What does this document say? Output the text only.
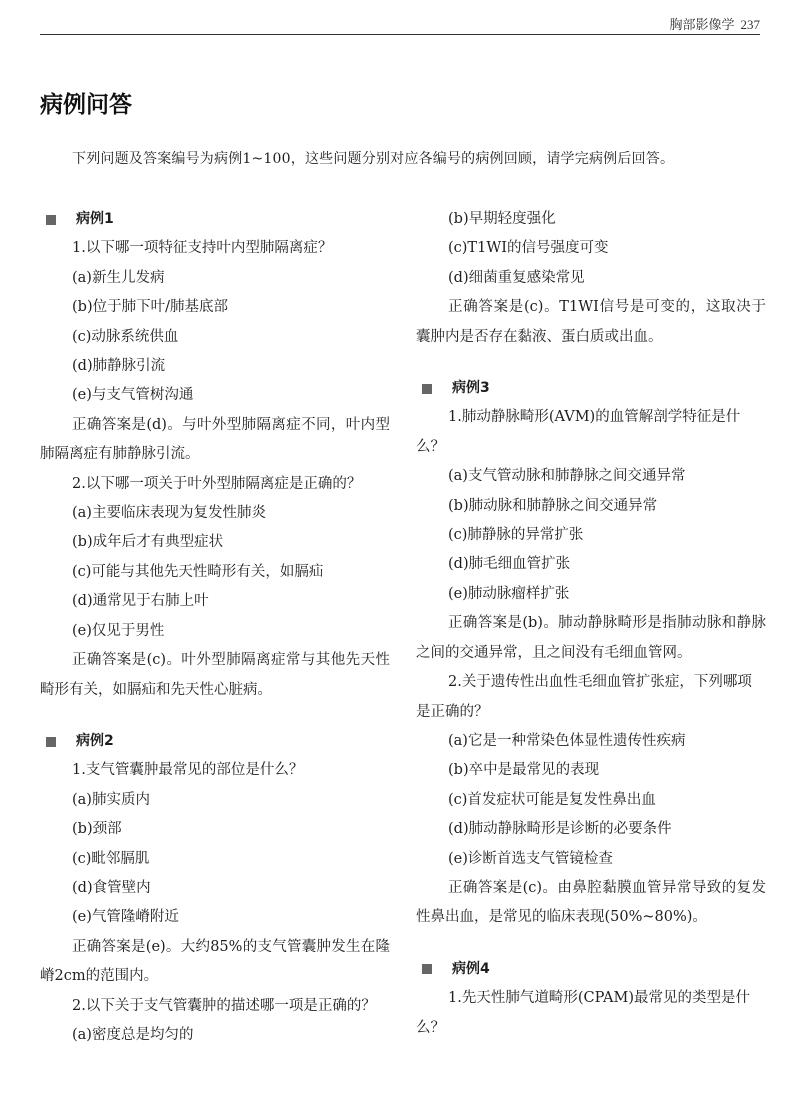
胸部影像学 237
病例问答
下列问题及答案编号为病例1~100，这些问题分别对应各编号的病例回顾，请学完病例后回答。
病例1

1.以下哪一项特征支持叶内型肺隔离症？

(a)新生儿发病

(b)位于肺下叶/肺基底部

(c)动脉系统供血

(d)肺静脉引流

(e)与支气管树沟通

正确答案是(d)。与叶外型肺隔离症不同，叶内型肺隔离症有肺静脉引流。

2.以下哪一项关于叶外型肺隔离症是正确的？

(a)主要临床表现为复发性肺炎

(b)成年后才有典型症状

(c)可能与其他先天性畸形有关，如膈疝

(d)通常见于右肺上叶

(e)仅见于男性

正确答案是(c)。叶外型肺隔离症常与其他先天性畸形有关，如膈疝和先天性心脏病。

病例2

1.支气管囊肿最常见的部位是什么？

(a)肺实质内

(b)颈部

(c)毗邻膈肌

(d)食管壁内

(e)气管隆嵴附近

正确答案是(e)。大约85%的支气管囊肿发生在隆嵴2cm的范围内。

2.以下关于支气管囊肿的描述哪一项是正确的？

(a)密度总是均匀的

(b)早期轻度强化

(c)T1WI的信号强度可变

(d)细菌重复感染常见

正确答案是(c)。T1WI信号是可变的，这取决于囊肿内是否存在黏液、蛋白质或出血。

病例3

1.肺动静脉畸形(AVM)的血管解剖学特征是什么？

(a)支气管动脉和肺静脉之间交通异常

(b)肺动脉和肺静脉之间交通异常

(c)肺静脉的异常扩张

(d)肺毛细血管扩张

(e)肺动脉瘤样扩张

正确答案是(b)。肺动静脉畸形是指肺动脉和静脉之间的交通异常，且之间没有毛细血管网。

2.关于遗传性出血性毛细血管扩张症，下列哪项是正确的？

(a)它是一种常染色体显性遗传性疾病

(b)卒中是最常见的表现

(c)首发症状可能是复发性鼻出血

(d)肺动静脉畸形是诊断的必要条件

(e)诊断首选支气管镜检查

正确答案是(c)。由鼻腔黏膜血管异常导致的复发性鼻出血，是常见的临床表现(50%~80%)。

病例4

1.先天性肺气道畸形(CPAM)最常见的类型是什么？
